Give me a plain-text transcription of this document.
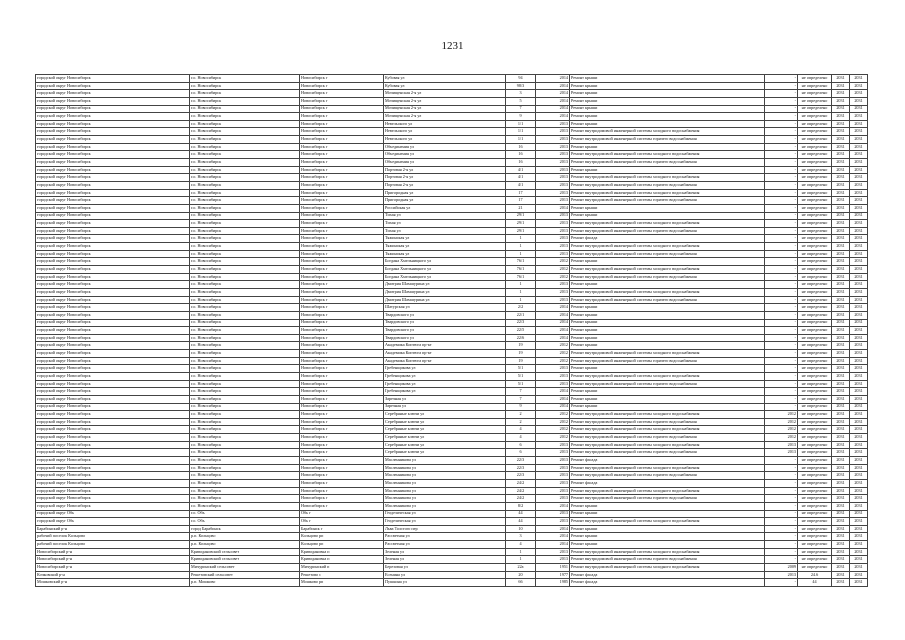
1231
городской округ Новосибирск	г.о. Новосибирск	Новосибирск г	Кубовая ул	94	2014	Ремонт крыши	-	не определено	2031	2031
городской округ Новосибирск	г.о. Новосибирск	Новосибирск г	Кубовая ул	98/3	2014	Ремонт крыши	-	не определено	2031	2031
городской округ Новосибирск	г.о. Новосибирск	Новосибирск г	Мочищенская 2-я ул	3	2014	Ремонт крыши	-	не определено	2031	2031
городской округ Новосибирск	г.о. Новосибирск	Новосибирск г	Мочищенская 2-я ул	5	2014	Ремонт крыши	-	не определено	2031	2031
городской округ Новосибирск	г.о. Новосибирск	Новосибирск г	Мочищенская 2-я ул	7	2014	Ремонт крыши	-	не определено	2031	2031
городской округ Новосибирск	г.о. Новосибирск	Новосибирск г	Мочищенская 2-я ул	9	2014	Ремонт крыши	-	не определено	2031	2031
городской округ Новосибирск	г.о. Новосибирск	Новосибирск г	Невельского ул	1/1	2013	Ремонт крыши	-	не определено	2031	2031
городской округ Новосибирск	г.о. Новосибирск	Новосибирск г	Невельского ул	1/1	2013	Ремонт внутридомовой инженерной системы холодного водоснабжения	-	не определено	2031	2031
городской округ Новосибирск	г.о. Новосибирск	Новосибирск г	Невельского ул	1/1	2013	Ремонт внутридомовой инженерной системы горячего водоснабжения	-	не определено	2031	2031
городской округ Новосибирск	г.о. Новосибирск	Новосибирск г	Объединения ул	16	2013	Ремонт крыши	-	не определено	2031	2031
городской округ Новосибирск	г.о. Новосибирск	Новосибирск г	Объединения ул	16	2013	Ремонт внутридомовой инженерной системы холодного водоснабжения	-	не определено	2031	2031
городской округ Новосибирск	г.о. Новосибирск	Новосибирск г	Объединения ул	16	2013	Ремонт внутридомовой инженерной системы горячего водоснабжения	-	не определено	2031	2031
городской округ Новосибирск	г.о. Новосибирск	Новосибирск г	Портовая 2-я ул	4/1	2013	Ремонт крыши	-	не определено	2031	2031
городской округ Новосибирск	г.о. Новосибирск	Новосибирск г	Портовая 2-я ул	4/1	2013	Ремонт внутридомовой инженерной системы холодного водоснабжения	-	не определено	2031	2031
городской округ Новосибирск	г.о. Новосибирск	Новосибирск г	Портовая 2-я ул	4/1	2013	Ремонт внутридомовой инженерной системы горячего водоснабжения	-	не определено	2031	2031
городской округ Новосибирск	г.о. Новосибирск	Новосибирск г	Пригородная ул	17	2013	Ремонт внутридомовой инженерной системы холодного водоснабжения	-	не определено	2031	2031
городской округ Новосибирск	г.о. Новосибирск	Новосибирск г	Пригородная ул	17	2013	Ремонт внутридомовой инженерной системы горячего водоснабжения	-	не определено	2031	2031
городской округ Новосибирск	г.о. Новосибирск	Новосибирск г	Российская ул	21	2014	Ремонт крыши	-	не определено	2031	2031
городской округ Новосибирск	г.о. Новосибирск	Новосибирск г	Тихая ул	29/1	2013	Ремонт крыши	-	не определено	2031	2031
городской округ Новосибирск	г.о. Новосибирск	Новосибирск г	Тихая ул	29/1	2013	Ремонт внутридомовой инженерной системы холодного водоснабжения	-	не определено	2031	2031
городской округ Новосибирск	г.о. Новосибирск	Новосибирск г	Тихая ул	29/1	2013	Ремонт внутридомовой инженерной системы горячего водоснабжения	-	не определено	2031	2031
городской округ Новосибирск	г.о. Новосибирск	Новосибирск г	Тяжинская ул	1	2013	Ремонт фасада	-	не определено	2031	2031
городской округ Новосибирск	г.о. Новосибирск	Новосибирск г	Тяжинская ул	1	2013	Ремонт внутридомовой инженерной системы холодного водоснабжения	-	не определено	2031	2031
городской округ Новосибирск	г.о. Новосибирск	Новосибирск г	Тяжинская ул	1	2013	Ремонт внутридомовой инженерной системы горячего водоснабжения	-	не определено	2031	2031
городской округ Новосибирск	г.о. Новосибирск	Новосибирск г	Богдана Хмельницкого ул	76/1	2012	Ремонт крыши	-	не определено	2031	2031
городской округ Новосибирск	г.о. Новосибирск	Новосибирск г	Богдана Хмельницкого ул	76/1	2012	Ремонт внутридомовой инженерной системы холодного водоснабжения	-	не определено	2031	2031
городской округ Новосибирск	г.о. Новосибирск	Новосибирск г	Богдана Хмельницкого ул	76/1	2012	Ремонт внутридомовой инженерной системы горячего водоснабжения	-	не определено	2031	2031
городской округ Новосибирск	г.о. Новосибирск	Новосибирск г	Дмитрия Шамшурина ул	1	2013	Ремонт крыши	-	не определено	2031	2031
городской округ Новосибирск	г.о. Новосибирск	Новосибирск г	Дмитрия Шамшурина ул	1	2013	Ремонт внутридомовой инженерной системы холодного водоснабжения	-	не определено	2031	2031
городской округ Новосибирск	г.о. Новосибирск	Новосибирск г	Дмитрия Шамшурина ул	1	2013	Ремонт внутридомовой инженерной системы горячего водоснабжения	-	не определено	2031	2031
городской округ Новосибирск	г.о. Новосибирск	Новосибирск г	Шатурская ул	2/2	2014	Ремонт крыши	-	не определено	2031	2031
городской округ Новосибирск	г.о. Новосибирск	Новосибирск г	Твардовского ул	22/1	2014	Ремонт крыши	-	не определено	2031	2031
городской округ Новосибирск	г.о. Новосибирск	Новосибирск г	Твардовского ул	22/3	2014	Ремонт крыши	-	не определено	2031	2031
городской округ Новосибирск	г.о. Новосибирск	Новосибирск г	Твардовского ул	22/5	2014	Ремонт крыши	-	не определено	2031	2031
городской округ Новосибирск	г.о. Новосибирск	Новосибирск г	Твардовского ул	22/6	2014	Ремонт крыши	-	не определено	2031	2031
городской округ Новосибирск	г.о. Новосибирск	Новосибирск г	Академика Коптюга пр-кт	19	2012	Ремонт крыши	-	не определено	2031	2031
городской округ Новосибирск	г.о. Новосибирск	Новосибирск г	Академика Коптюга пр-кт	19	2012	Ремонт внутридомовой инженерной системы холодного водоснабжения	-	не определено	2031	2031
городской округ Новосибирск	г.о. Новосибирск	Новосибирск г	Академика Коптюга пр-кт	19	2012	Ремонт внутридомовой инженерной системы горячего водоснабжения	-	не определено	2031	2031
городской округ Новосибирск	г.о. Новосибирск	Новосибирск г	Гребенщикова ул	5/1	2013	Ремонт крыши	-	не определено	2031	2031
городской округ Новосибирск	г.о. Новосибирск	Новосибирск г	Гребенщикова ул	5/1	2013	Ремонт внутридомовой инженерной системы холодного водоснабжения	-	не определено	2031	2031
городской округ Новосибирск	г.о. Новосибирск	Новосибирск г	Гребенщикова ул	5/1	2013	Ремонт внутридомовой инженерной системы горячего водоснабжения	-	не определено	2031	2031
городской округ Новосибирск	г.о. Новосибирск	Новосибирск г	Гребенщикова ул	7	2014	Ремонт крыши	-	не определено	2031	2031
городской округ Новосибирск	г.о. Новосибирск	Новосибирск г	Заречная ул	7	2014	Ремонт крыши	-	не определено	2031	2031
городской округ Новосибирск	г.о. Новосибирск	Новосибирск г	Заречная ул	9	2014	Ремонт крыши	-	не определено	2031	2031
городской округ Новосибирск	г.о. Новосибирск	Новосибирск г	Серебряные ключи ул	2	2012	Ремонт внутридомовой инженерной системы холодного водоснабжения	2012	не определено	2031	2031
городской округ Новосибирск	г.о. Новосибирск	Новосибирск г	Серебряные ключи ул	2	2012	Ремонт внутридомовой инженерной системы горячего водоснабжения	2012	не определено	2031	2031
городской округ Новосибирск	г.о. Новосибирск	Новосибирск г	Серебряные ключи ул	4	2012	Ремонт внутридомовой инженерной системы холодного водоснабжения	2012	не определено	2031	2031
городской округ Новосибирск	г.о. Новосибирск	Новосибирск г	Серебряные ключи ул	4	2012	Ремонт внутридомовой инженерной системы горячего водоснабжения	2012	не определено	2031	2031
городской округ Новосибирск	г.о. Новосибирск	Новосибирск г	Серебряные ключи ул	6	2013	Ремонт внутридомовой инженерной системы холодного водоснабжения	2013	не определено	2031	2031
городской округ Новосибирск	г.о. Новосибирск	Новосибирск г	Серебряные ключи ул	6	2013	Ремонт внутридомовой инженерной системы горячего водоснабжения	2013	не определено	2031	2031
городской округ Новосибирск	г.о. Новосибирск	Новосибирск г	Масленникова ул	22/3	2013	Ремонт фасада	-	не определено	2031	2031
городской округ Новосибирск	г.о. Новосибирск	Новосибирск г	Масленникова ул	22/3	2013	Ремонт внутридомовой инженерной системы холодного водоснабжения	-	не определено	2031	2031
городской округ Новосибирск	г.о. Новосибирск	Новосибирск г	Масленникова ул	22/3	2013	Ремонт внутридомовой инженерной системы горячего водоснабжения	-	не определено	2031	2031
городской округ Новосибирск	г.о. Новосибирск	Новосибирск г	Масленникова ул	24/2	2013	Ремонт фасада	-	не определено	2031	2031
городской округ Новосибирск	г.о. Новосибирск	Новосибирск г	Масленникова ул	24/2	2013	Ремонт внутридомовой инженерной системы холодного водоснабжения	-	не определено	2031	2031
городской округ Новосибирск	г.о. Новосибирск	Новосибирск г	Масленникова ул	24/2	2013	Ремонт внутридомовой инженерной системы горячего водоснабжения	-	не определено	2031	2031
городской округ Новосибирск	г.о. Новосибирск	Новосибирск г	Масленникова ул	8/2	2014	Ремонт крыши	-	не определено	2031	2031
городской округ Обь	г.о. Обь	Обь г	Геодезическая ул	44	2013	Ремонт крыши	-	не определено	2031	2031
городской округ Обь	г.о. Обь	Обь г	Геодезическая ул	44	2013	Ремонт внутридомовой инженерной системы холодного водоснабжения	-	не определено	2031	2031
Барабинский р-н	город Барабинск	Барабинск г	Льва Толстого пер	10	2014	Ремонт крыши	-	не определено	2031	2031
рабочий поселок Кольцово	р.п. Кольцово	Кольцово рп	Рассветная ул	3	2014	Ремонт крыши	-	не определено	2031	2031
рабочий поселок Кольцово	р.п. Кольцово	Кольцово рп	Рассветная ул	4	2014	Ремонт крыши	-	не определено	2031	2031
Новосибирский р-н	Криводановский сельсовет	Криводановка п	Зеленая ул	1	2013	Ремонт внутридомовой инженерной системы холодного водоснабжения	-	не определено	2031	2031
Новосибирский р-н	Криводановский сельсовет	Криводановка п	Зеленая ул	1	2013	Ремонт внутридомовой инженерной системы горячего водоснабжения	-	не определено	2031	2031
Новосибирский р-н	Мичуринский сельсовет	Мичуринский п	Березовая ул	22а	1951	Ремонт внутридомовой инженерной системы холодного водоснабжения	2009	не определено	2031	2031
Кочковский р-н	Решетовский сельсовет	Решетово с	Есенина ул	20	1977	Ремонт фасада	2013	24.6	2031	2031
Мошковский р-н	р.п. Мошково	Мошково рп	Пушкина ул	66	1985	Ремонт фасада	-	44	2031	2031
